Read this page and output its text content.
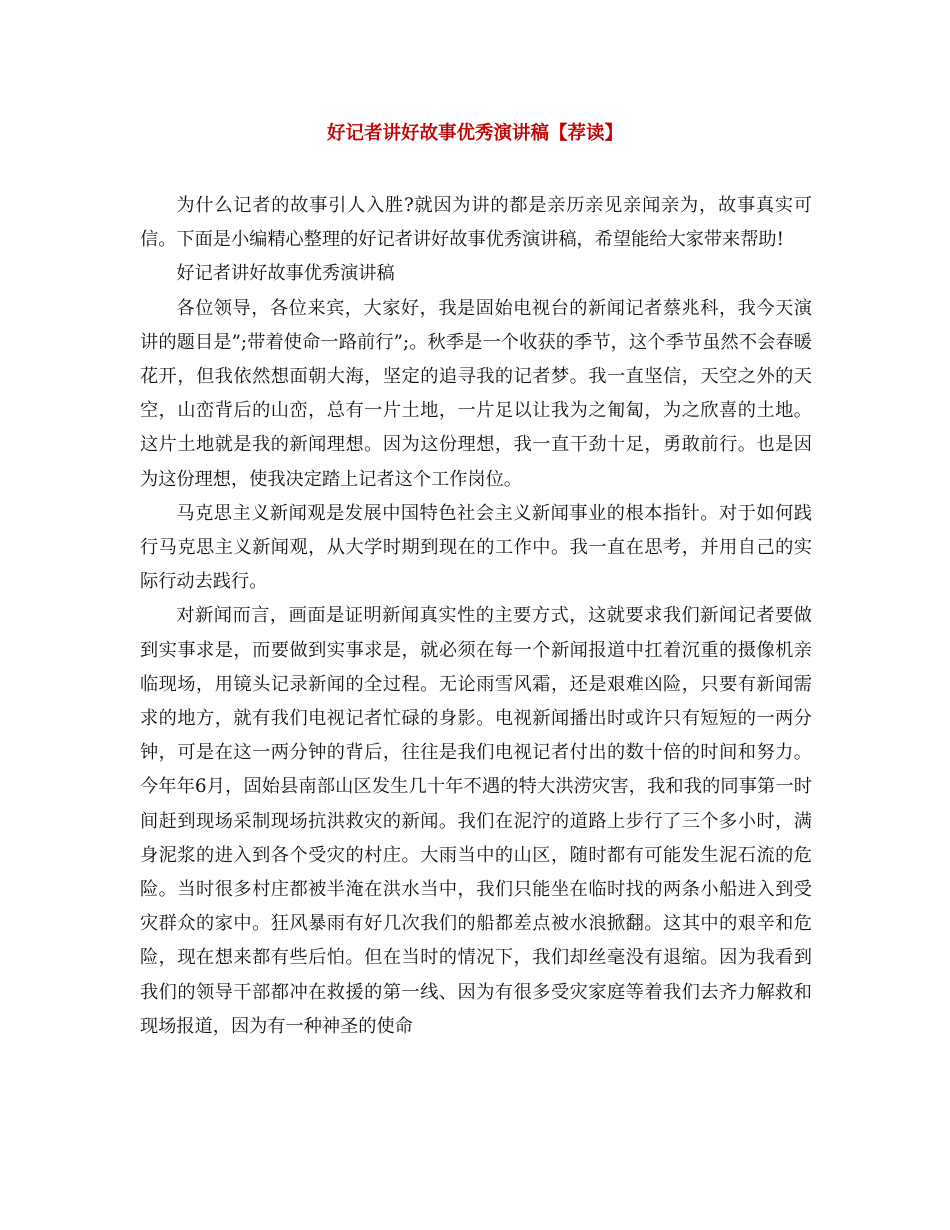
好记者讲好故事优秀演讲稿【荐读】

为什么记者的故事引人入胜?就因为讲的都是亲历亲见亲闻亲为，故事真实可信。下面是小编精心整理的好记者讲好故事优秀演讲稿，希望能给大家带来帮助!

好记者讲好故事优秀演讲稿

各位领导，各位来宾，大家好，我是固始电视台的新闻记者蔡兆科，我今天演讲的题目是”;带着使命一路前行”;。秋季是一个收获的季节，这个季节虽然不会春暖花开，但我依然想面朝大海，坚定的追寻我的记者梦。我一直坚信，天空之外的天空，山峦背后的山峦，总有一片土地，一片足以让我为之匍匐，为之欣喜的土地。这片土地就是我的新闻理想。因为这份理想，我一直干劲十足，勇敢前行。也是因为这份理想，使我决定踏上记者这个工作岗位。

马克思主义新闻观是发展中国特色社会主义新闻事业的根本指针。对于如何践行马克思主义新闻观，从大学时期到现在的工作中。我一直在思考，并用自己的实际行动去践行。

对新闻而言，画面是证明新闻真实性的主要方式，这就要求我们新闻记者要做到实事求是，而要做到实事求是，就必须在每一个新闻报道中扛着沉重的摄像机亲临现场，用镜头记录新闻的全过程。无论雨雪风霜，还是艰难凶险，只要有新闻需求的地方，就有我们电视记者忙碌的身影。电视新闻播出时或许只有短短的一两分钟，可是在这一两分钟的背后，往往是我们电视记者付出的数十倍的时间和努力。今年年6月，固始县南部山区发生几十年不遇的特大洪涝灾害，我和我的同事第一时间赶到现场采制现场抗洪救灾的新闻。我们在泥泞的道路上步行了三个多小时，满身泥浆的进入到各个受灾的村庄。大雨当中的山区，随时都有可能发生泥石流的危险。当时很多村庄都被半淹在洪水当中，我们只能坐在临时找的两条小船进入到受灾群众的家中。狂风暴雨有好几次我们的船都差点被水浪掀翻。这其中的艰辛和危险，现在想来都有些后怕。但在当时的情况下，我们却丝毫没有退缩。因为我看到我们的领导干部都冲在救援的第一线、因为有很多受灾家庭等着我们去齐力解救和现场报道，因为有一种神圣的使命
